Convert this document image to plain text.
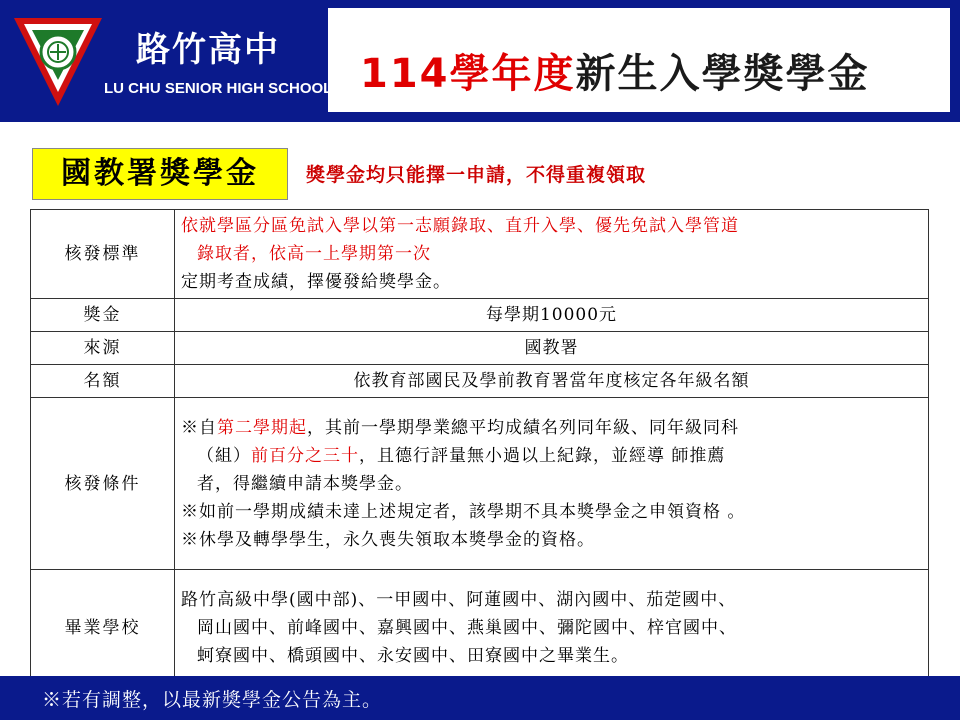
路竹高中
LU CHU SENIOR HIGH SCHOOL 114學年度新生入學獎學金
國教署獎學金	獎學金均只能擇一申請，不得重複領取
核發標準	依就學區分區免試入學以第一志願錄取、直升入學、優先免試入學管道
錄取者，依高一上學期第一次
定期考查成績，擇優發給獎學金。

獎金	每學期10000元
來源	國教署
名額	依教育部國民及學前教育署當年度核定各年級名額
核發條件	※自第二學期起，其前一學期學業總平均成績名列同年級、同年級同科
（組）前百分之三十，且德行評量無小過以上紀錄，並經導 師推薦
者，得繼續申請本獎學金。
※如前一學期成績未達上述規定者，該學期不具本獎學金之申領資格 。
※休學及轉學學生，永久喪失領取本獎學金的資格。

畢業學校	路竹高級中學(國中部)、一甲國中、阿蓮國中、湖內國中、茄萣國中、
岡山國中、前峰國中、嘉興國中、燕巢國中、彌陀國中、梓官國中、
蚵寮國中、橋頭國中、永安國中、田寮國中之畢業生。
※若有調整，以最新獎學金公告為主。
